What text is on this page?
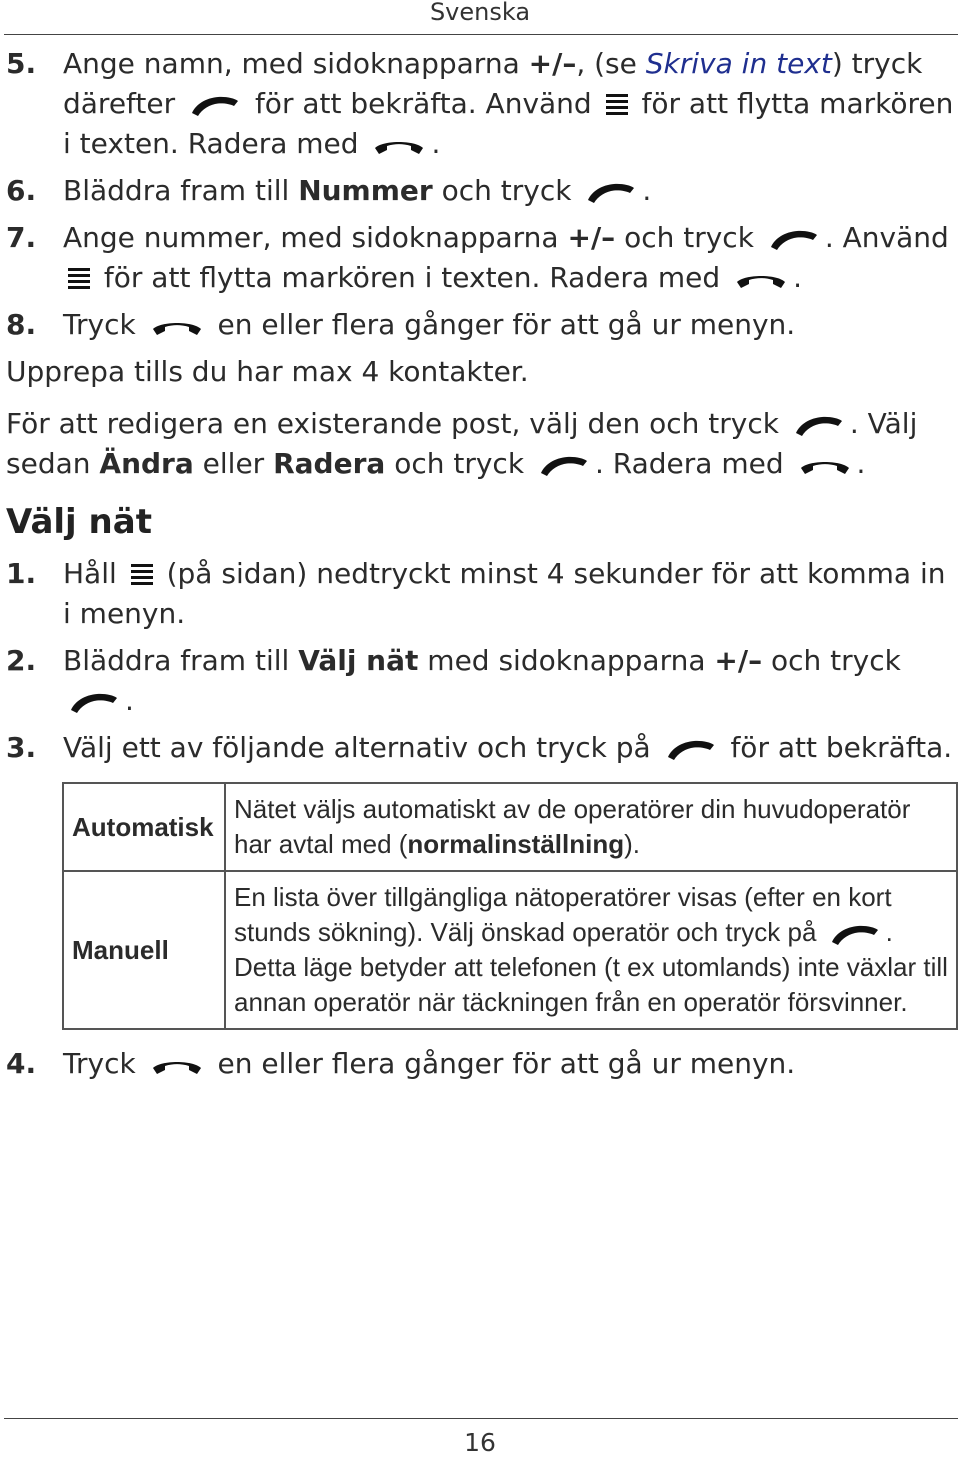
Svenska
5. Ange namn, med sidoknapparna +/–, (se Skriva in text) tryck därefter	för att bekräfta. Använd för att flytta markören i texten. Radera med	.
6. Bläddra fram till Nummer och tryck	.
7. Ange nummer, med sidoknapparna +/– och tryck	. Använd
för att flytta markören i texten. Radera med	.
8. Tryck	en eller flera gånger för att gå ur menyn.

Upprepa tills du har max 4 kontakter.

För att redigera en existerande post, välj den och tryck	. Välj sedan Ändra eller Radera och tryck	. Radera med	.

Välj nät
1. Håll (på sidan) nedtryckt minst 4 sekunder för att komma in i menyn.
2. Bläddra fram till Välj nät med sidoknapparna +/– och tryck
.
3. Välj ett av följande alternativ och tryck på	för att bekräfta.
Automatisk	Nätet väljs automatiskt av de operatörer din huvudoperatör har avtal med (normalinställning).
Manuell	En lista över tillgängliga nätoperatörer visas (efter en kort stunds sökning). Välj önskad operatör och tryck på . Detta läge betyder att telefonen (t ex utomlands) inte växlar till annan operatör när täckningen från en operatör försvinner.
4. Tryck	en eller flera gånger för att gå ur menyn.
16
